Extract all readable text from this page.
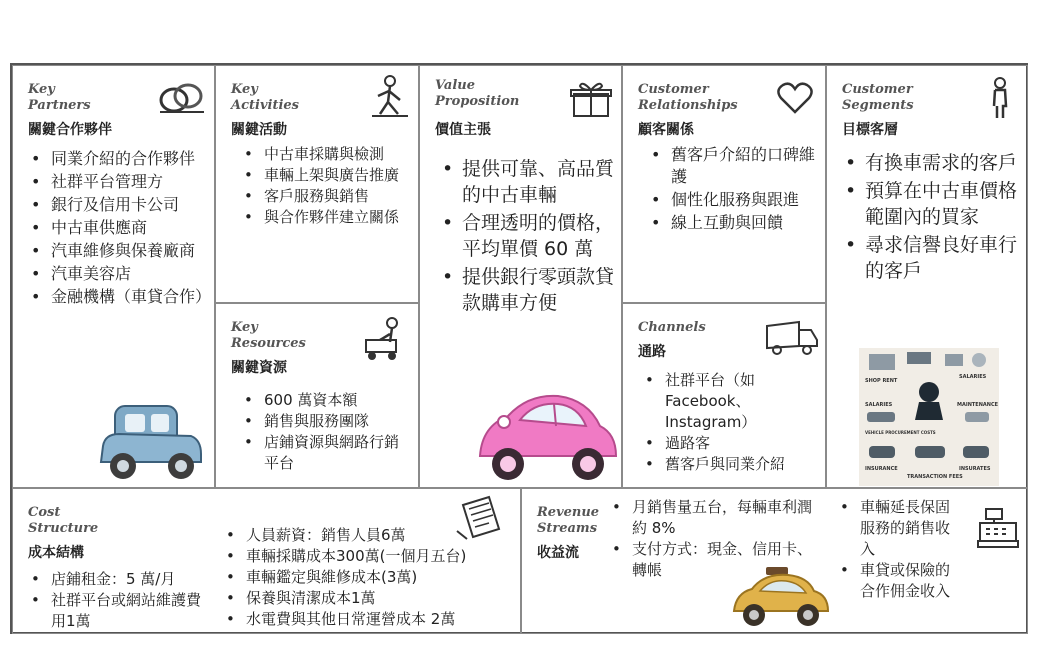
Key
Partners
關鍵合作夥伴
• 同業介紹的合作夥伴
• 社群平台管理方
• 銀行及信用卡公司
• 中古車供應商
• 汽車維修與保養廠商
• 汽車美容店
• 金融機構（車貸合作）
Key
Activities
關鍵活動
• 中古車採購與檢測
• 車輛上架與廣告推廣
• 客戶服務與銷售
• 與合作夥伴建立關係
Key
Resources
關鍵資源
• 600 萬資本額
• 銷售與服務團隊
• 店鋪資源與網路行銷平台
Value
Proposition
價值主張
• 提供可靠、高品質的中古車輛
• 合理透明的價格，平均單價 60 萬
• 提供銀行零頭款貸款購車方便
Customer
Relationships
顧客關係
• 舊客戶介紹的口碑維護
• 個性化服務與跟進
• 線上互動與回饋
Channels
通路
• 社群平台（如 Facebook、Instagram）
• 過路客
• 舊客戶與同業介紹
Customer
Segments
目標客層
• 有換車需求的客戶
• 預算在中古車價格範圍內的買家
• 尋求信譽良好車行的客戶
SHOP RENT
SALARIES
SALARIES	MAINTENANCE
VEHICLE PROCUREMENT COSTS
INSURANCE
TRANSACTION FEES
INSURATES
Cost
Structure
成本結構
• 店鋪租金：5 萬/月
• 社群平台或網站維護費用1萬
• 人員薪資：銷售人員6萬
• 車輛採購成本300萬(一個月五台)
• 車輛鑑定與維修成本(3萬)
• 保養與清潔成本1萬
• 水電費與其他日常運營成本 2萬
Revenue
Streams
收益流
• 月銷售量五台，每輛車利潤約 8%
• 支付方式：現金、信用卡、轉帳
• 車輛延長保固服務的銷售收入
• 車貸或保險的合作佣金收入
